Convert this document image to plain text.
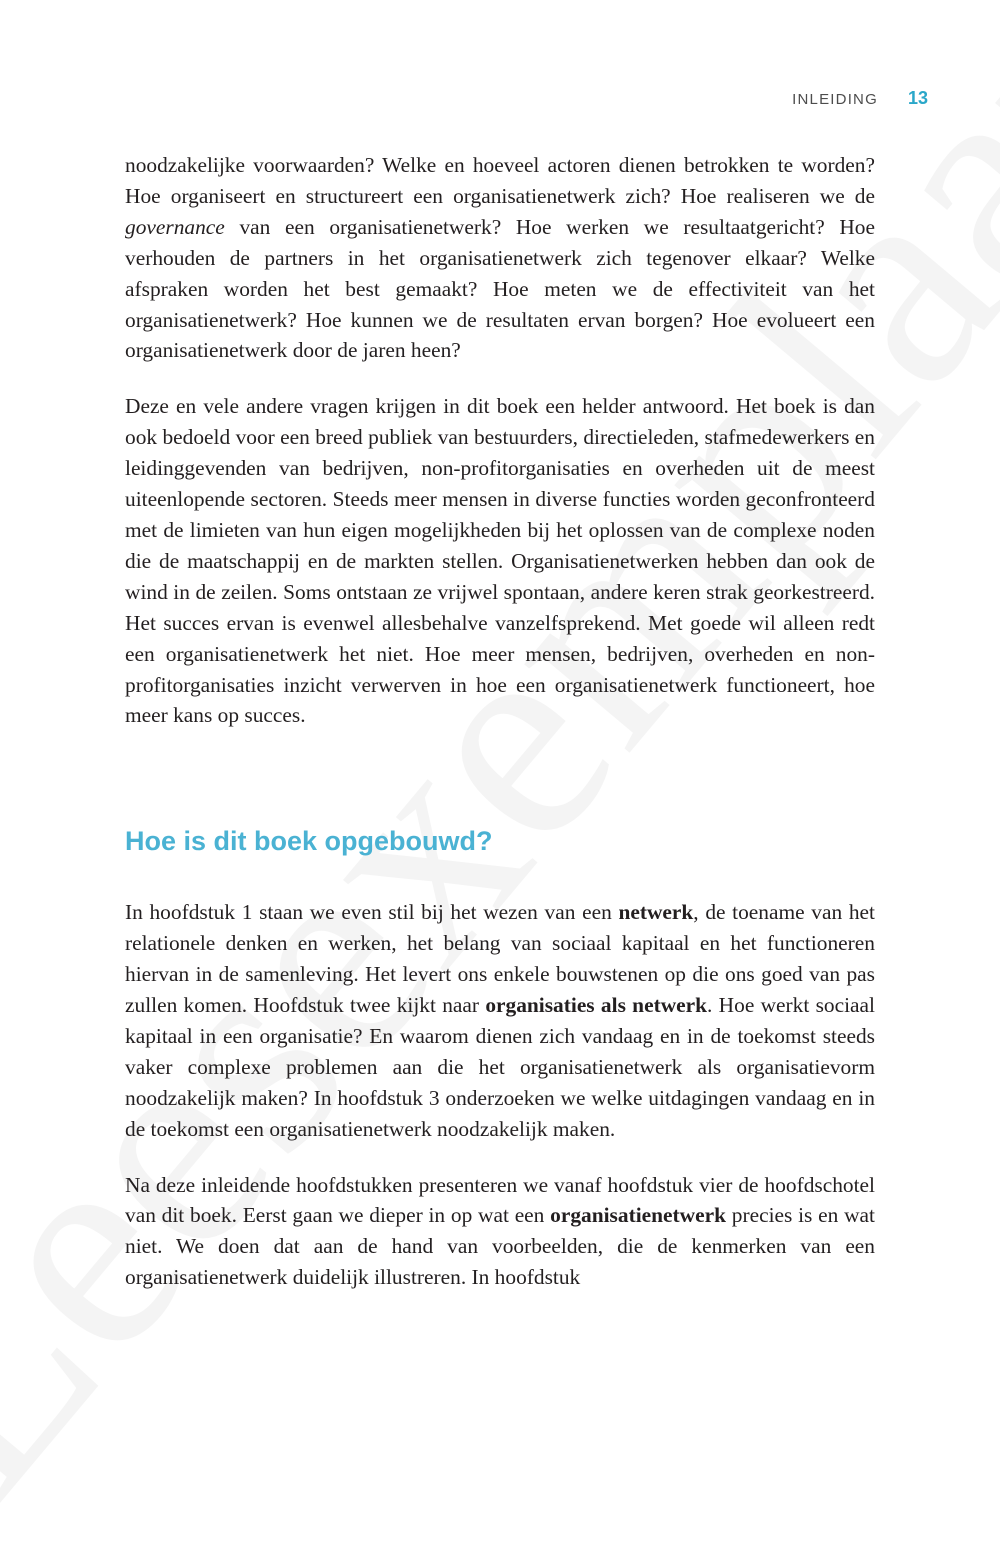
INLEIDING 13

noodzakelijke voorwaarden? Welke en hoeveel actoren dienen betrokken te worden? Hoe organiseert en structureert een organisatienetwerk zich? Hoe realiseren we de governance van een organisatienetwerk? Hoe werken we resultaatgericht? Hoe verhouden de partners in het organisatienetwerk zich tegenover elkaar? Welke afspraken worden het best gemaakt? Hoe meten we de effectiviteit van het organisatienetwerk? Hoe kunnen we de resultaten ervan borgen? Hoe evolueert een organisatienetwerk door de jaren heen?

Deze en vele andere vragen krijgen in dit boek een helder antwoord. Het boek is dan ook bedoeld voor een breed publiek van bestuurders, directieleden, stafmedewerkers en leidinggevenden van bedrijven, non-profitorganisaties en overheden uit de meest uiteenlopende sectoren. Steeds meer mensen in diverse functies worden geconfronteerd met de limieten van hun eigen mogelijkheden bij het oplossen van de complexe noden die de maatschappij en de markten stellen. Organisatienetwerken hebben dan ook de wind in de zeilen. Soms ontstaan ze vrijwel spontaan, andere keren strak georkestreerd. Het succes ervan is evenwel allesbehalve vanzelfsprekend. Met goede wil alleen redt een organisatienetwerk het niet. Hoe meer mensen, bedrijven, overheden en non-profitorganisaties inzicht verwerven in hoe een organisatienetwerk functioneert, hoe meer kans op succes.

Hoe is dit boek opgebouwd?

In hoofdstuk 1 staan we even stil bij het wezen van een netwerk, de toename van het relationele denken en werken, het belang van sociaal kapitaal en het functioneren hiervan in de samenleving. Het levert ons enkele bouwstenen op die ons goed van pas zullen komen. Hoofdstuk twee kijkt naar organisaties als netwerk. Hoe werkt sociaal kapitaal in een organisatie? En waarom dienen zich vandaag en in de toekomst steeds vaker complexe problemen aan die het organisatienetwerk als organisatievorm noodzakelijk maken? In hoofdstuk 3 onderzoeken we welke uitdagingen vandaag en in de toekomst een organisatienetwerk noodzakelijk maken.

Na deze inleidende hoofdstukken presenteren we vanaf hoofdstuk vier de hoofdschotel van dit boek. Eerst gaan we dieper in op wat een organisatienetwerk precies is en wat niet. We doen dat aan de hand van voorbeelden, die de kenmerken van een organisatienetwerk duidelijk illustreren. In hoofdstuk
